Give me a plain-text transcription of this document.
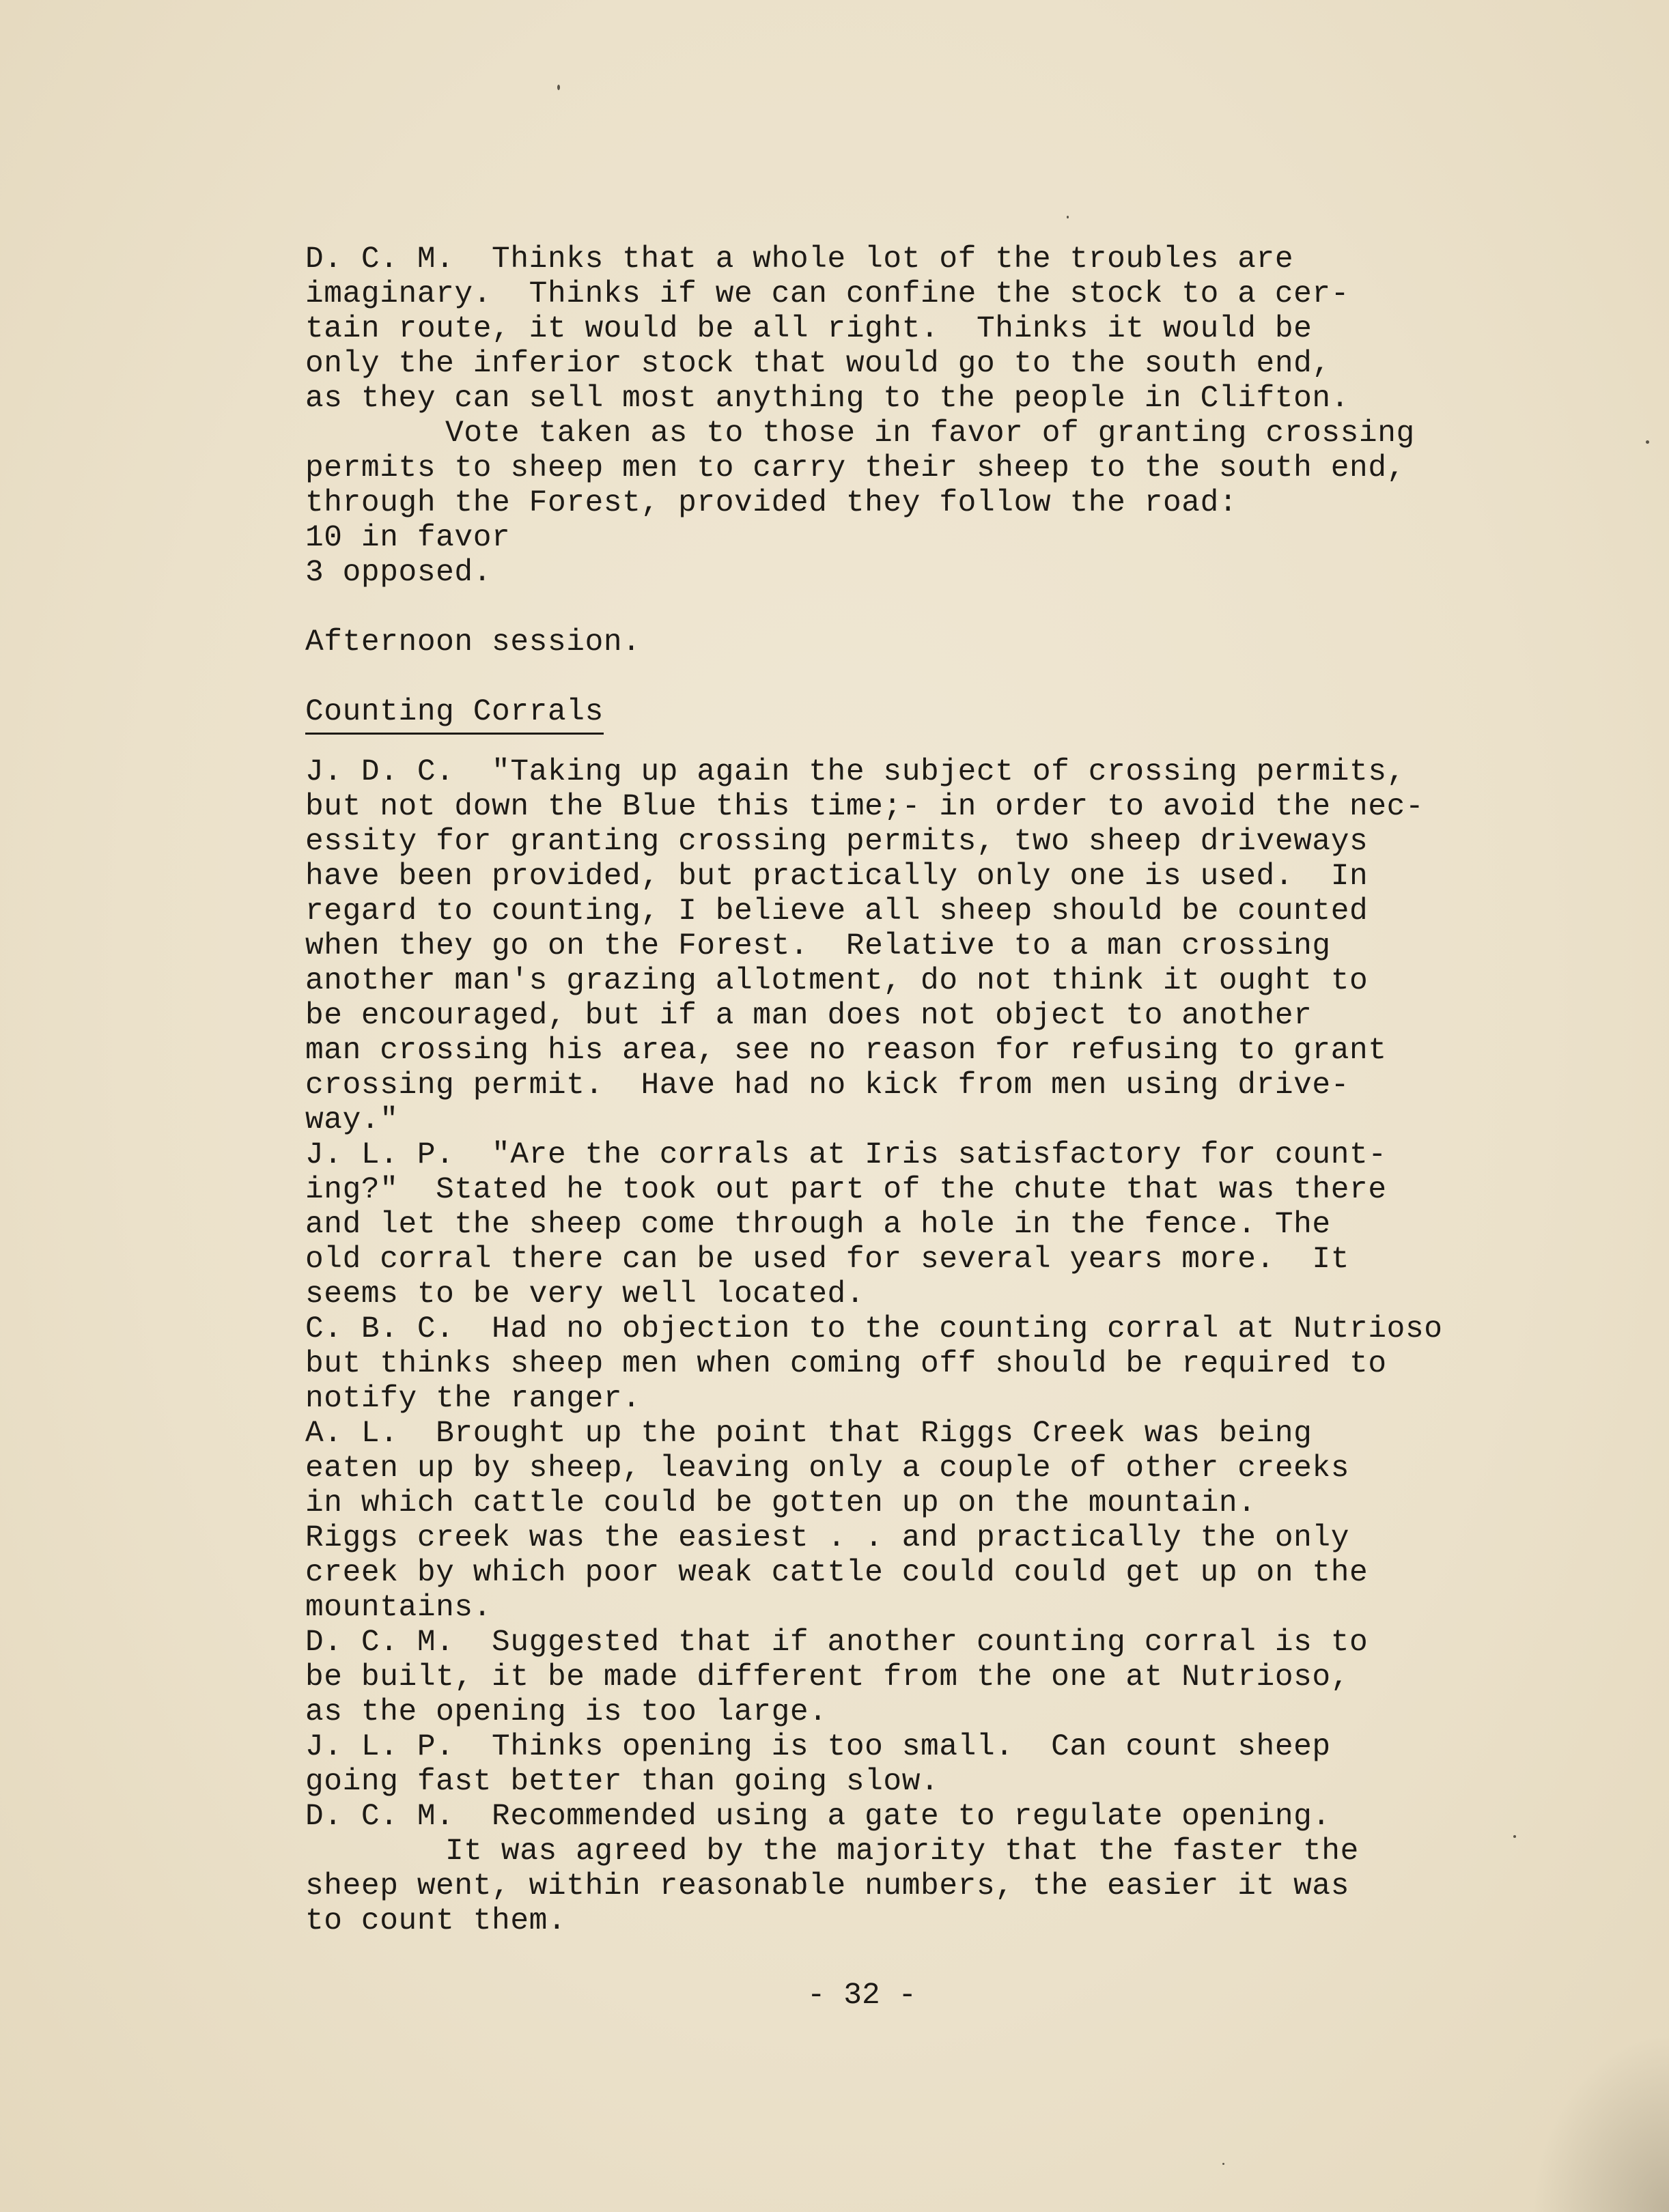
D. C. M.  Thinks that a whole lot of the troubles are
imaginary.  Thinks if we can confine the stock to a cer-
tain route, it would be all right.  Thinks it would be
only the inferior stock that would go to the south end,
as they can sell most anything to the people in Clifton.
Vote taken as to those in favor of granting crossing
permits to sheep men to carry their sheep to the south end,
through the Forest, provided they follow the road:
10 in favor
3 opposed.
Afternoon session.
Counting Corrals
J. D. C.  "Taking up again the subject of crossing permits,
but not down the Blue this time;- in order to avoid the nec-
essity for granting crossing permits, two sheep driveways
have been provided, but practically only one is used.  In
regard to counting, I believe all sheep should be counted
when they go on the Forest.  Relative to a man crossing
another man's grazing allotment, do not think it ought to
be encouraged, but if a man does not object to another
man crossing his area, see no reason for refusing to grant
crossing permit.  Have had no kick from men using drive-
way."
J. L. P.  "Are the corrals at Iris satisfactory for count-
ing?"  Stated he took out part of the chute that was there
and let the sheep come through a hole in the fence. The
old corral there can be used for several years more.  It
seems to be very well located.
C. B. C.  Had no objection to the counting corral at Nutrioso
but thinks sheep men when coming off should be required to
notify the ranger.
A. L.  Brought up the point that Riggs Creek was being
eaten up by sheep, leaving only a couple of other creeks
in which cattle could be gotten up on the mountain.
Riggs creek was the easiest . . and practically the only
creek by which poor weak cattle could could get up on the
mountains.
D. C. M.  Suggested that if another counting corral is to
be built, it be made different from the one at Nutrioso,
as the opening is too large.
J. L. P.  Thinks opening is too small.  Can count sheep
going fast better than going slow.
D. C. M.  Recommended using a gate to regulate opening.
It was agreed by the majority that the faster the
sheep went, within reasonable numbers, the easier it was
to count them.
- 32 -
